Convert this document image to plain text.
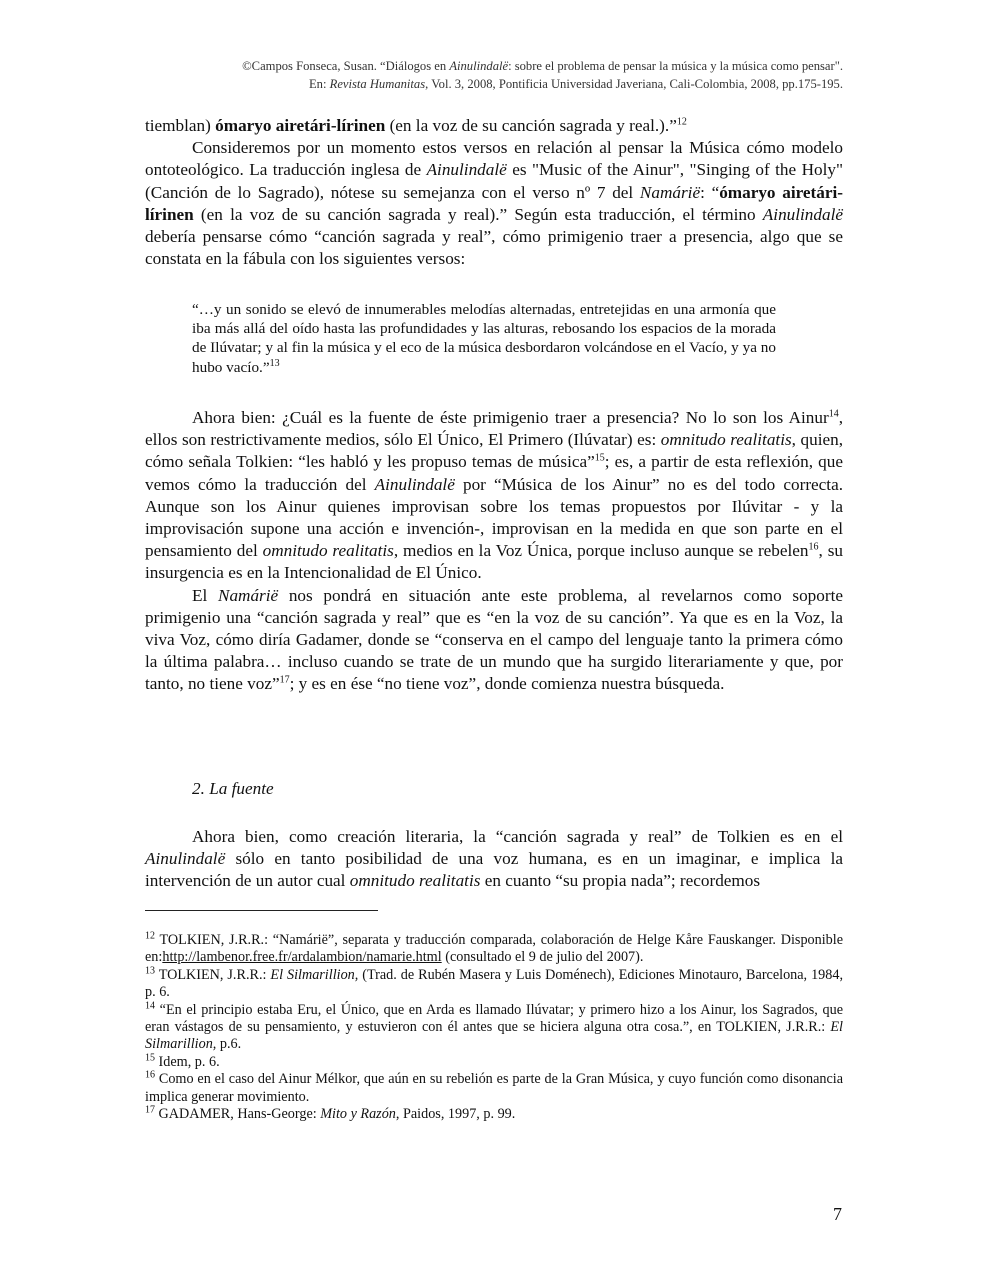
©Campos Fonseca, Susan. “Diálogos en Ainulindalë: sobre el problema de pensar la música y la música como pensar".
En: Revista Humanitas, Vol. 3, 2008, Pontificia Universidad Javeriana, Cali-Colombia, 2008, pp.175-195.

tiemblan) ómaryo airetári-lírinen (en la voz de su canción sagrada y real.).”$^{12}$

Consideremos por un momento estos versos en relación al pensar la Música cómo modelo ontoteológico. La traducción inglesa de Ainulindalë es "Music of the Ainur", "Singing of the Holy" (Canción de lo Sagrado), nótese su semejanza con el verso nº 7 del Namárië: “ómaryo airetári-lírinen (en la voz de su canción sagrada y real).” Según esta traducción, el término Ainulindalë debería pensarse cómo “canción sagrada y real”, cómo primigenio traer a presencia, algo que se constata en la fábula con los siguientes versos:

“…y un sonido se elevó de innumerables melodías alternadas, entretejidas en una armonía que iba más allá del oído hasta las profundidades y las alturas, rebosando los espacios de la morada de Ilúvatar; y al fin la música y el eco de la música desbordaron volcándose en el Vacío, y ya no hubo vacío.”$^{13}$

Ahora bien: ¿Cuál es la fuente de éste primigenio traer a presencia? No lo son los Ainur$^{14}$, ellos son restrictivamente medios, sólo El Único, El Primero (Ilúvatar) es: omnitudo realitatis, quien, cómo señala Tolkien: “les habló y les propuso temas de música”$^{15}$; es, a partir de esta reflexión, que vemos cómo la traducción del Ainulindalë por “Música de los Ainur” no es del todo correcta. Aunque son los Ainur quienes improvisan sobre los temas propuestos por Ilúvitar - y la improvisación supone una acción e invención-, improvisan en la medida en que son parte en el pensamiento del omnitudo realitatis, medios en la Voz Única, porque incluso aunque se rebelen$^{16}$, su insurgencia es en la Intencionalidad de El Único.

El Namárië nos pondrá en situación ante este problema, al revelarnos como soporte primigenio una “canción sagrada y real” que es “en la voz de su canción”. Ya que es en la Voz, la viva Voz, cómo diría Gadamer, donde se “conserva en el campo del lenguaje tanto la primera cómo la última palabra… incluso cuando se trate de un mundo que ha surgido literariamente y que, por tanto, no tiene voz”$^{17}$; y es en ése “no tiene voz”, donde comienza nuestra búsqueda.

2. La fuente

Ahora bien, como creación literaria, la “canción sagrada y real” de Tolkien es en el Ainulindalë sólo en tanto posibilidad de una voz humana, es en un imaginar, e implica la intervención de un autor cual omnitudo realitatis en cuanto “su propia nada”; recordemos

$^{12}$ TOLKIEN, J.R.R.: “Namárië”, separata y traducción comparada, colaboración de Helge Kåre Fauskanger. Disponible en:http://lambenor.free.fr/ardalambion/namarie.html (consultado el 9 de julio del 2007).

$^{13}$ TOLKIEN, J.R.R.: El Silmarillion, (Trad. de Rubén Masera y Luis Doménech), Ediciones Minotauro, Barcelona, 1984, p. 6.

$^{14}$ “En el principio estaba Eru, el Único, que en Arda es llamado Ilúvatar; y primero hizo a los Ainur, los Sagrados, que eran vástagos de su pensamiento, y estuvieron con él antes que se hiciera alguna otra cosa.”, en TOLKIEN, J.R.R.: El Silmarillion, p.6.

$^{15}$ Idem, p. 6.

$^{16}$ Como en el caso del Ainur Mélkor, que aún en su rebelión es parte de la Gran Música, y cuyo función como disonancia implica generar movimiento.

$^{17}$ GADAMER, Hans-George: Mito y Razón, Paidos, 1997, p. 99.

7
